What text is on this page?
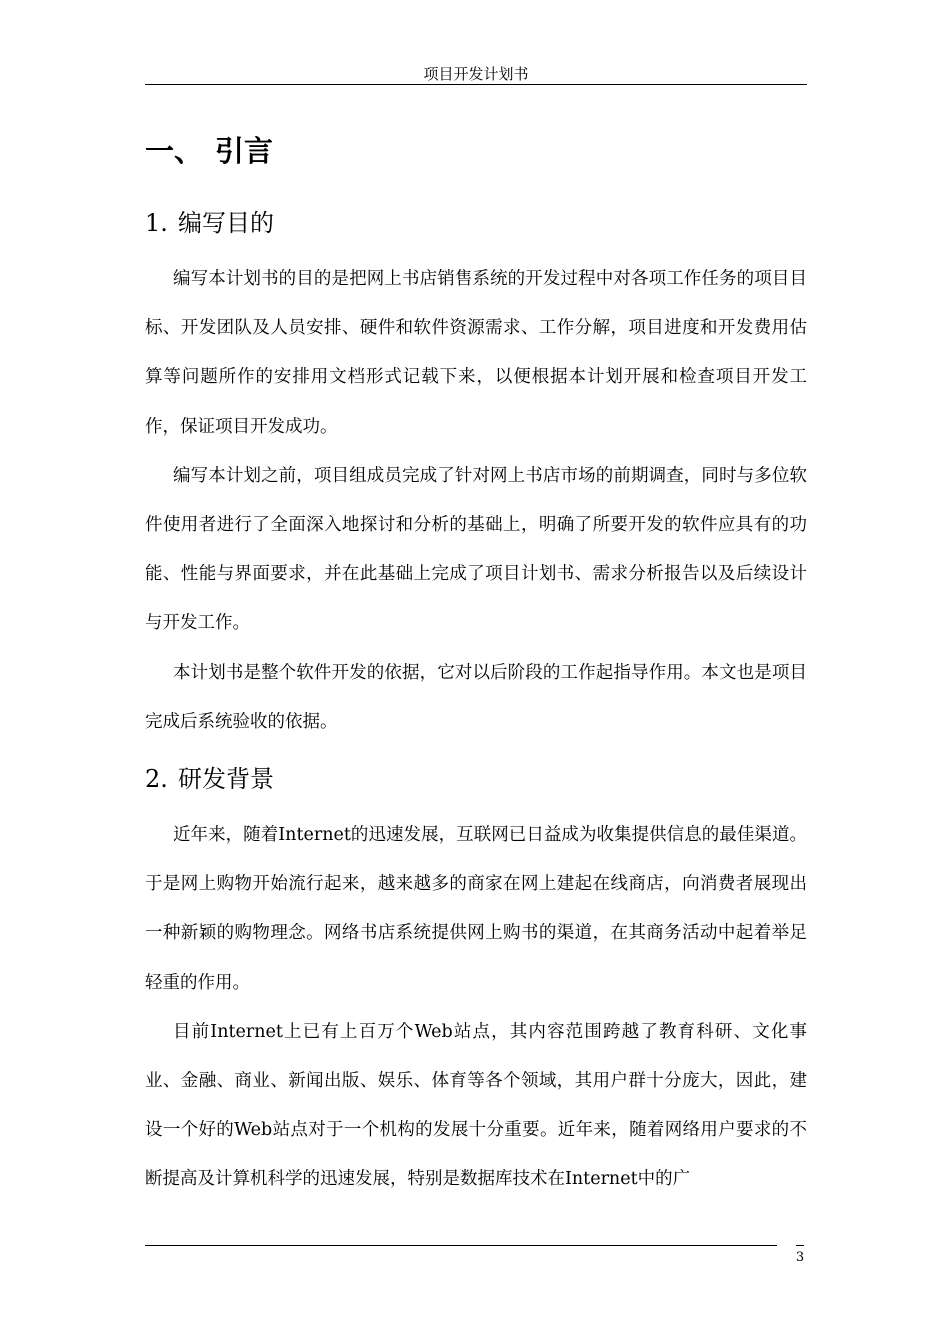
项目开发计划书
一、 引言
1. 编写目的

编写本计划书的目的是把网上书店销售系统的开发过程中对各项工作任务的项目目标、开发团队及人员安排、硬件和软件资源需求、工作分解，项目进度和开发费用估算等问题所作的安排用文档形式记载下来，以便根据本计划开展和检查项目开发工作，保证项目开发成功。

编写本计划之前，项目组成员完成了针对网上书店市场的前期调查，同时与多位软件使用者进行了全面深入地探讨和分析的基础上，明确了所要开发的软件应具有的功能、性能与界面要求，并在此基础上完成了项目计划书、需求分析报告以及后续设计与开发工作。

本计划书是整个软件开发的依据，它对以后阶段的工作起指导作用。本文也是项目完成后系统验收的依据。

2. 研发背景

近年来，随着Internet的迅速发展，互联网已日益成为收集提供信息的最佳渠道。于是网上购物开始流行起来，越来越多的商家在网上建起在线商店，向消费者展现出一种新颖的购物理念。网络书店系统提供网上购书的渠道，在其商务活动中起着举足轻重的作用。

目前Internet上已有上百万个Web站点，其内容范围跨越了教育科研、文化事业、金融、商业、新闻出版、娱乐、体育等各个领域，其用户群十分庞大，因此，建设一个好的Web站点对于一个机构的发展十分重要。近年来，随着网络用户要求的不断提高及计算机科学的迅速发展，特别是数据库技术在Internet中的广

3
